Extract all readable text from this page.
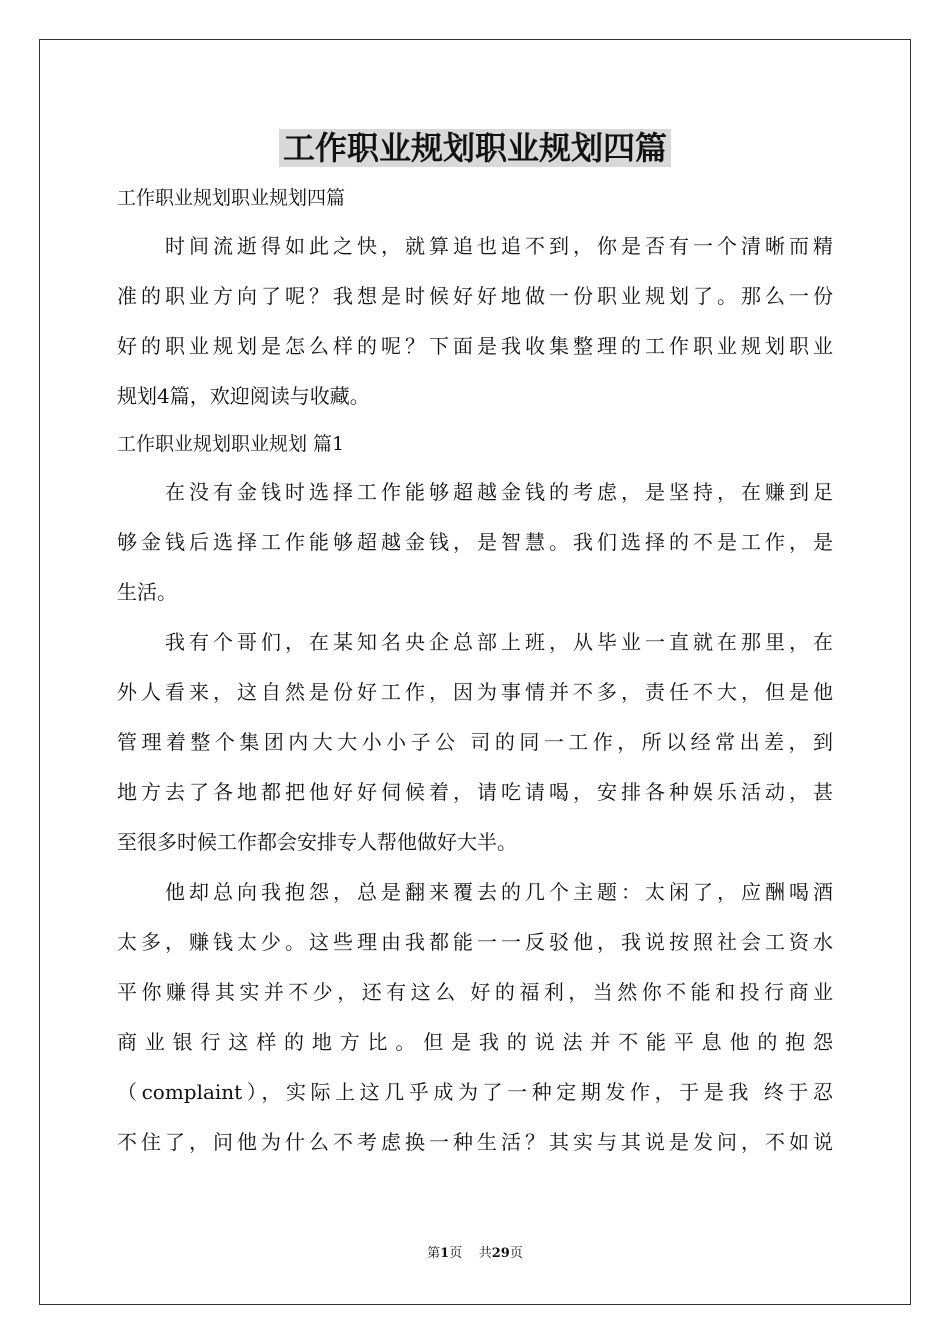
工作职业规划职业规划四篇
工作职业规划职业规划四篇
时间流逝得如此之快，就算追也追不到，你是否有一个清晰而精
准的职业方向了呢？我想是时候好好地做一份职业规划了。那么一份
好的职业规划是怎么样的呢？下面是我收集整理的工作职业规划职业
规划4篇，欢迎阅读与收藏。
工作职业规划职业规划 篇1
在没有金钱时选择工作能够超越金钱的考虑，是坚持，在赚到足
够金钱后选择工作能够超越金钱，是智慧。我们选择的不是工作，是
生活。
我有个哥们，在某知名央企总部上班，从毕业一直就在那里，在
外人看来，这自然是份好工作，因为事情并不多，责任不大，但是他
管理着整个集团内大大小小子公 司的同一工作，所以经常出差，到
地方去了各地都把他好好伺候着，请吃请喝，安排各种娱乐活动，甚
至很多时候工作都会安排专人帮他做好大半。
他却总向我抱怨，总是翻来覆去的几个主题：太闲了，应酬喝酒
太多，赚钱太少。这些理由我都能一一反驳他，我说按照社会工资水
平你赚得其实并不少，还有这么 好的福利，当然你不能和投行商业
商业银行这样的地方比。但是我的说法并不能平息他的抱怨
（complaint），实际上这几乎成为了一种定期发作，于是我 终于忍
不住了，问他为什么不考虑换一种生活？其实与其说是发问，不如说
第1页 共29页
